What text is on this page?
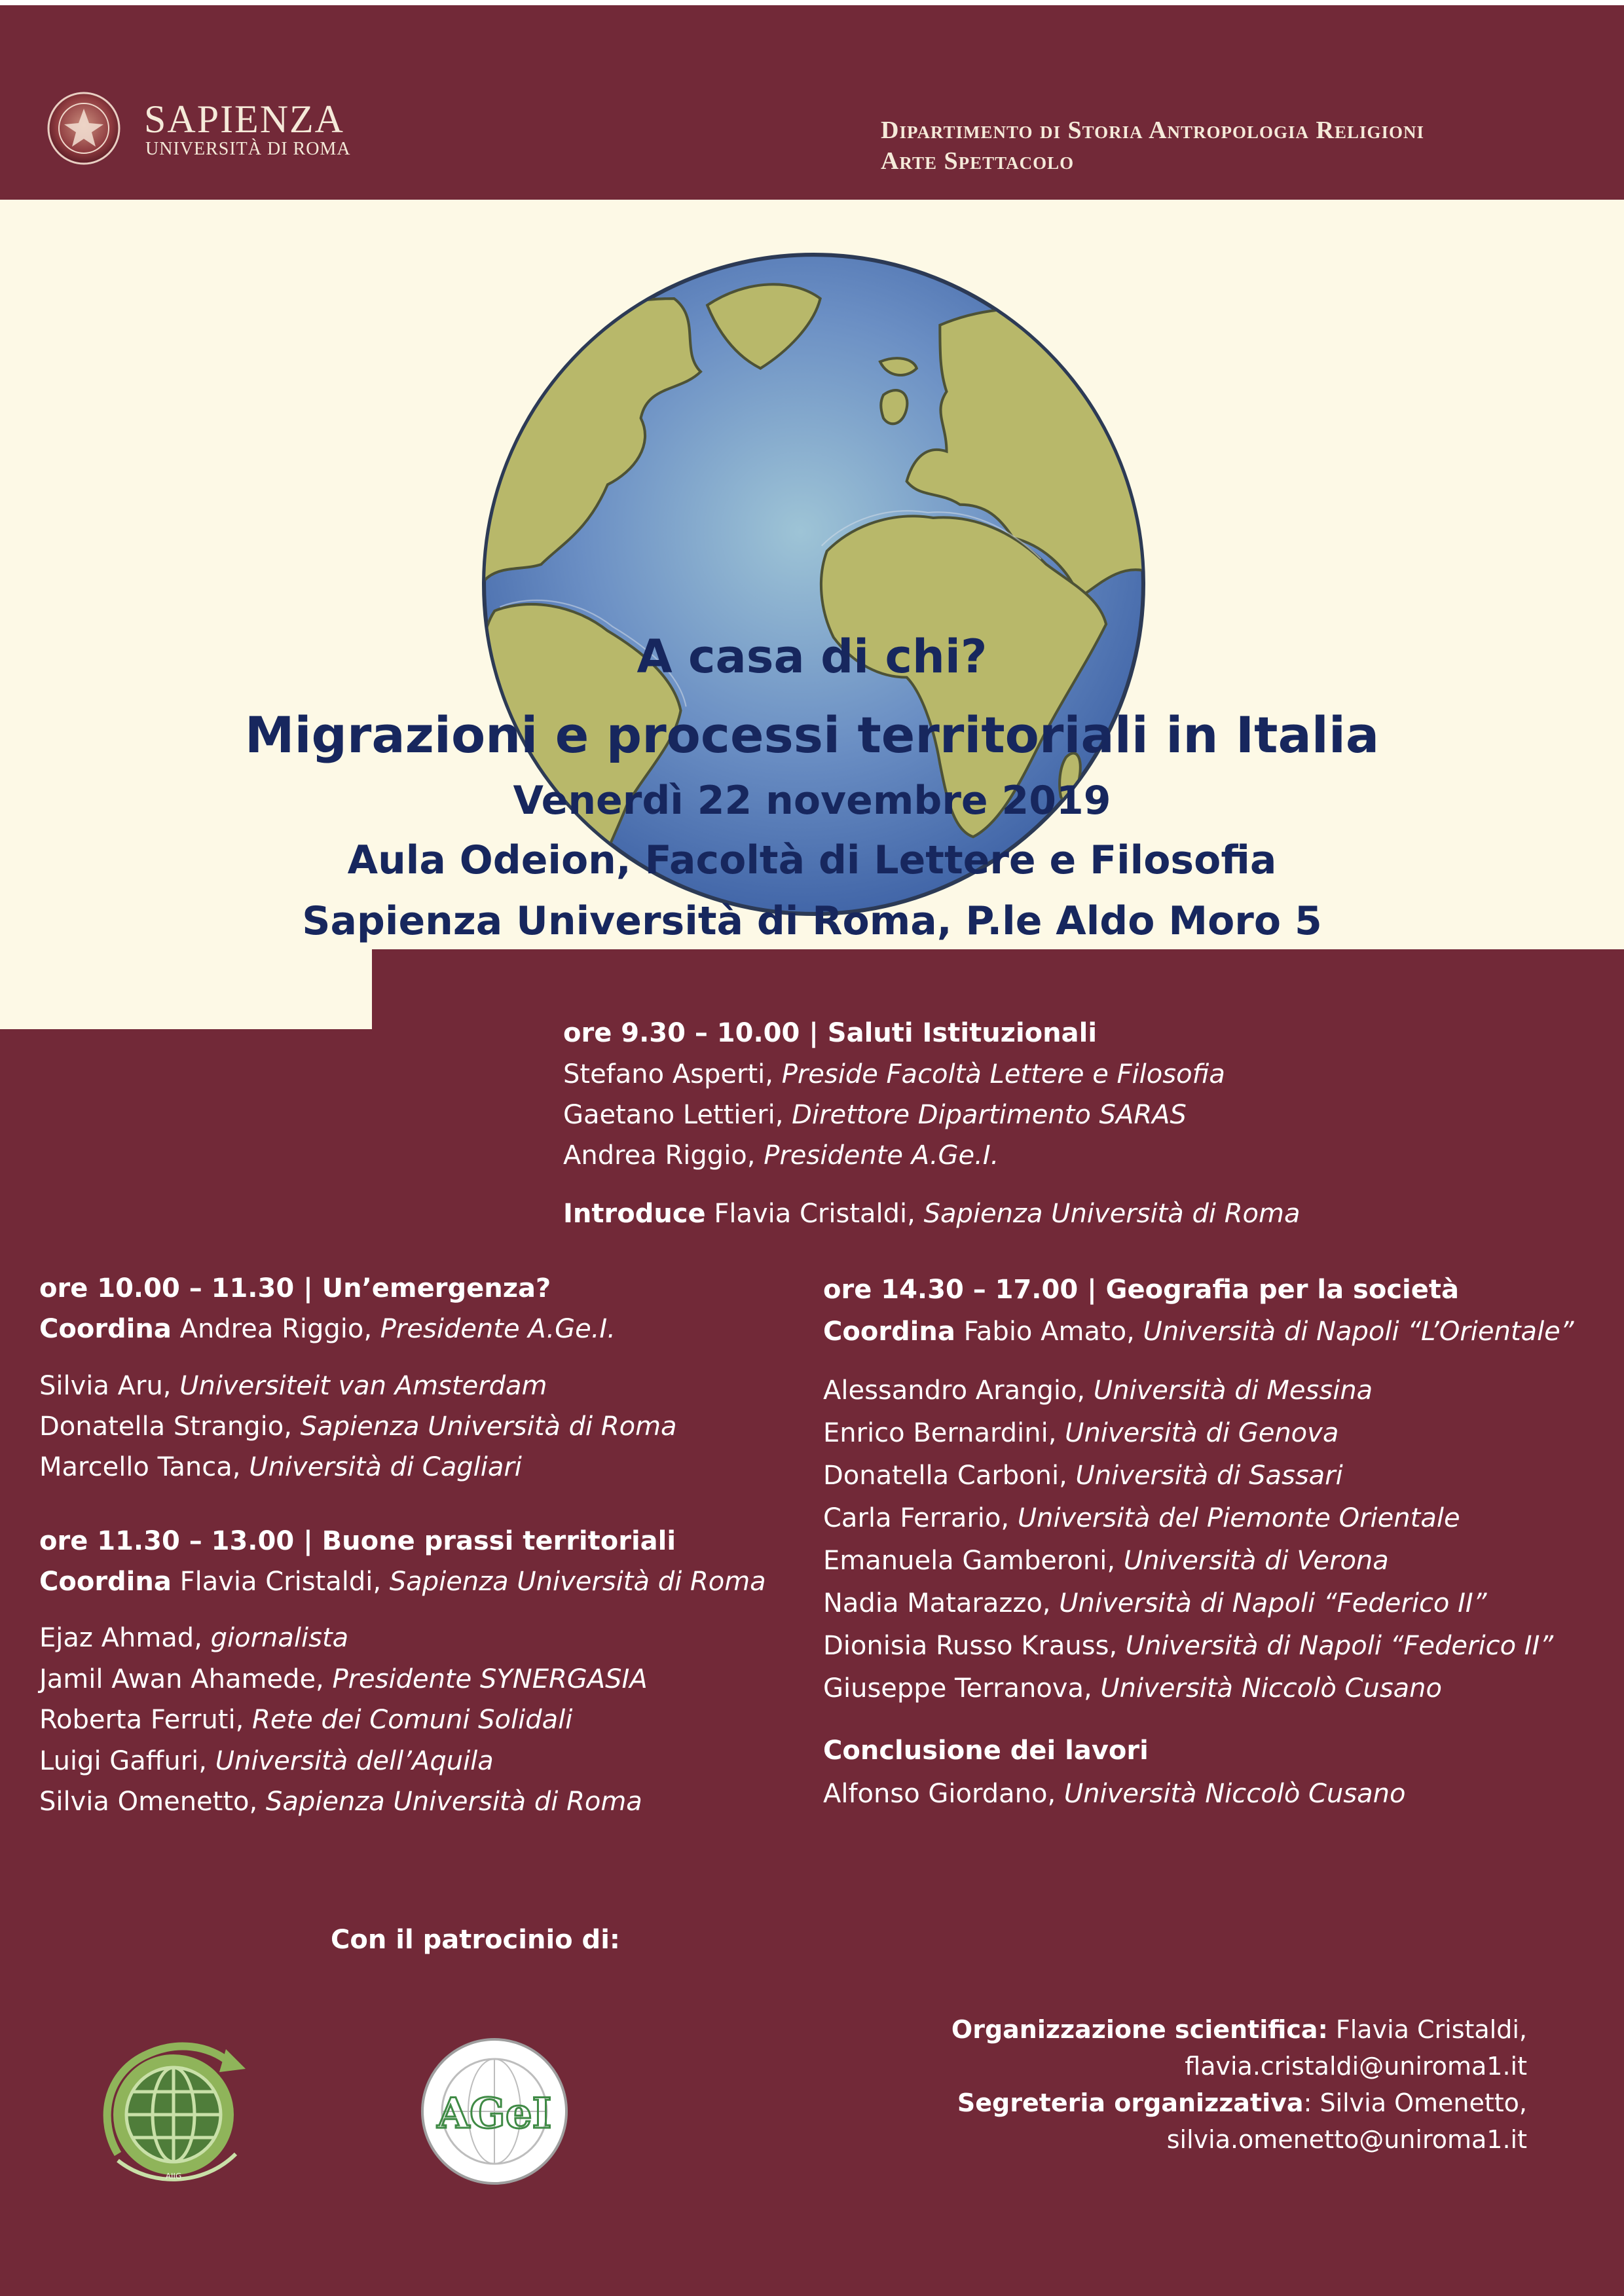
SAPIENZA
UNIVERSITÀ DI ROMA
Dipartimento di Storia Antropologia Religioni
Arte Spettacolo
A casa di chi?
Migrazioni e processi territoriali in Italia
Venerdì 22 novembre 2019
Aula Odeion, Facoltà di Lettere e Filosofia
Sapienza Università di Roma, P.le Aldo Moro 5
ore 9.30 – 10.00 | Saluti Istituzionali
Stefano Asperti, Preside Facoltà Lettere e Filosofia
Gaetano Lettieri, Direttore Dipartimento SARAS
Andrea Riggio, Presidente A.Ge.I.
Introduce Flavia Cristaldi, Sapienza Università di Roma
ore 10.00 – 11.30 | Un’emergenza?
Coordina Andrea Riggio, Presidente A.Ge.I.
Silvia Aru, Universiteit van Amsterdam
Donatella Strangio, Sapienza Università di Roma
Marcello Tanca, Università di Cagliari
ore 11.30 – 13.00 | Buone prassi territoriali
Coordina Flavia Cristaldi, Sapienza Università di Roma
Ejaz Ahmad, giornalista
Jamil Awan Ahamede, Presidente SYNERGASIA
Roberta Ferruti, Rete dei Comuni Solidali
Luigi Gaffuri, Università dell’Aquila
Silvia Omenetto, Sapienza Università di Roma
ore 14.30 – 17.00 | Geografia per la società
Coordina Fabio Amato, Università di Napoli “L’Orientale”
Alessandro Arangio, Università di Messina
Enrico Bernardini, Università di Genova
Donatella Carboni, Università di Sassari
Carla Ferrario, Università del Piemonte Orientale
Emanuela Gamberoni, Università di Verona
Nadia Matarazzo, Università di Napoli “Federico II”
Dionisia Russo Krauss, Università di Napoli “Federico II”
Giuseppe Terranova, Università Niccolò Cusano
Conclusione dei lavori
Alfonso Giordano, Università Niccolò Cusano
Con il patrocinio di:
AIIG
AGeI
Organizzazione scientifica: Flavia Cristaldi,
flavia.cristaldi@uniroma1.it
Segreteria organizzativa: Silvia Omenetto,
silvia.omenetto@uniroma1.it
